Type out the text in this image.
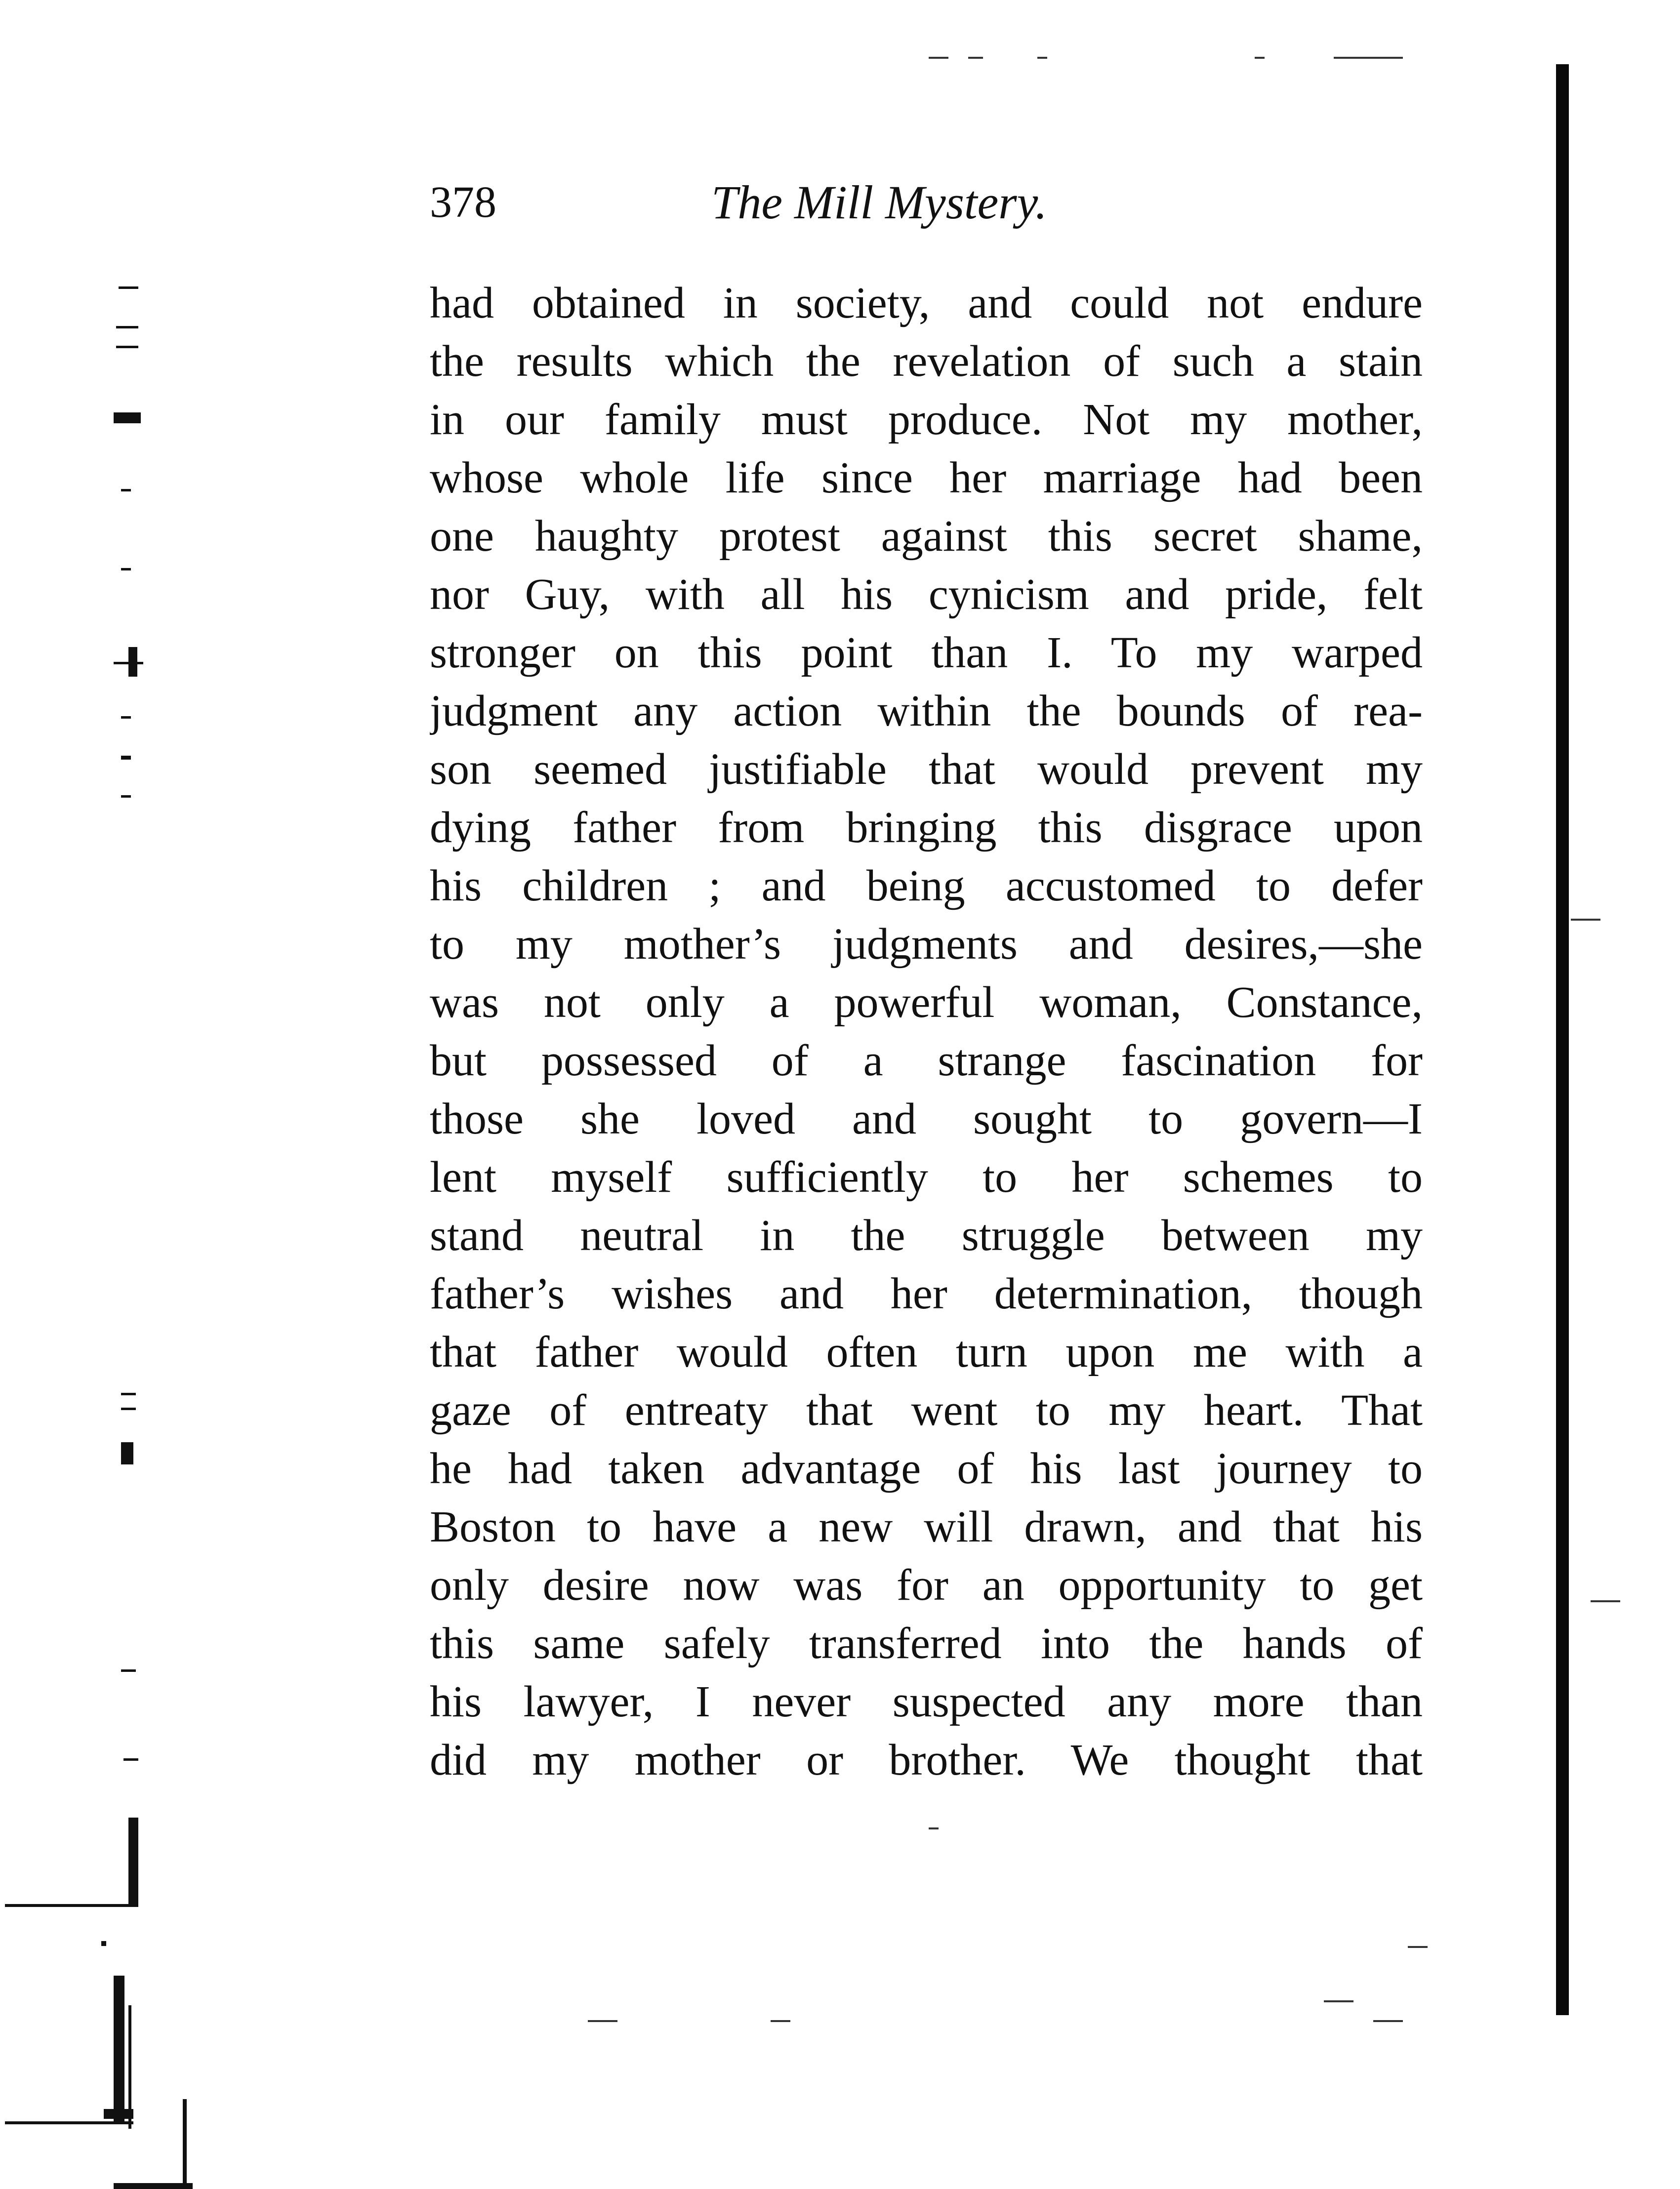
378	The Mill Mystery.
had obtained in society, and could not endure
the results which the revelation of such a stain
in our family must produce. Not my mother,
whose whole life since her marriage had been
one haughty protest against this secret shame,
nor Guy, with all his cynicism and pride, felt
stronger on this point than I. To my warped
judgment any action within the bounds of rea-
son seemed justifiable that would prevent my
dying father from bringing this disgrace upon
his children ; and being accustomed to defer
to my mother’s judgments and desires,—she
was not only a powerful woman, Constance,
but possessed of a strange fascination for
those she loved and sought to govern—I
lent myself sufficiently to her schemes to
stand neutral in the struggle between my
father’s wishes and her determination, though
that father would often turn upon me with a
gaze of entreaty that went to my heart. That
he had taken advantage of his last journey to
Boston to have a new will drawn, and that his
only desire now was for an opportunity to get
this same safely transferred into the hands of
his lawyer, I never suspected any more than
did my mother or brother. We thought that
